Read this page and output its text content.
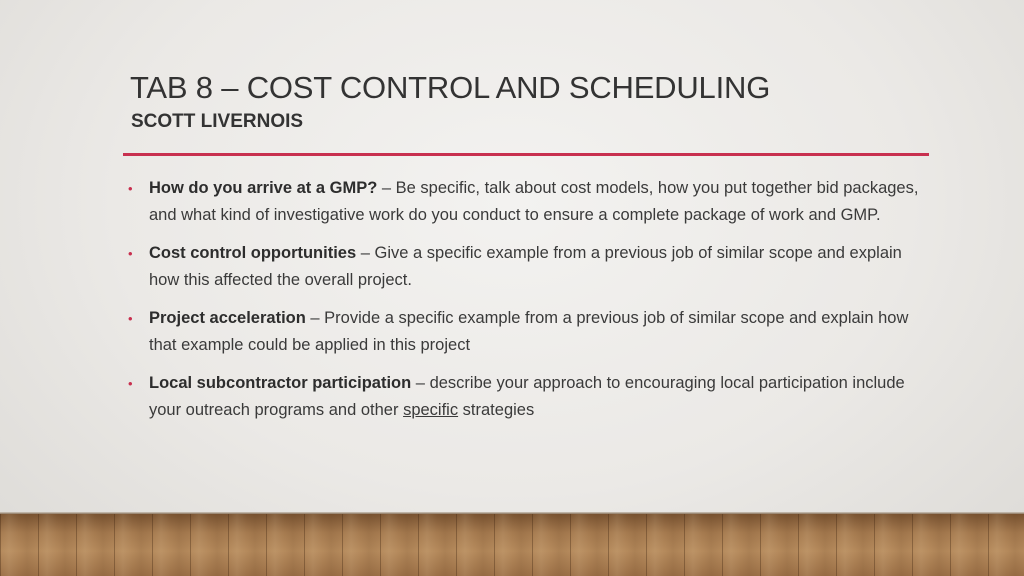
TAB 8 – COST CONTROL AND SCHEDULING
SCOTT LIVERNOIS
• How do you arrive at a GMP? – Be specific, talk about cost models, how you put together bid packages, and what kind of investigative work do you conduct to ensure a complete package of work and GMP.
• Cost control opportunities – Give a specific example from a previous job of similar scope and explain how this affected the overall project.
• Project acceleration – Provide a specific example from a previous job of similar scope and explain how that example could be applied in this project
• Local subcontractor participation – describe your approach to encouraging local participation include your outreach programs and other specific strategies
